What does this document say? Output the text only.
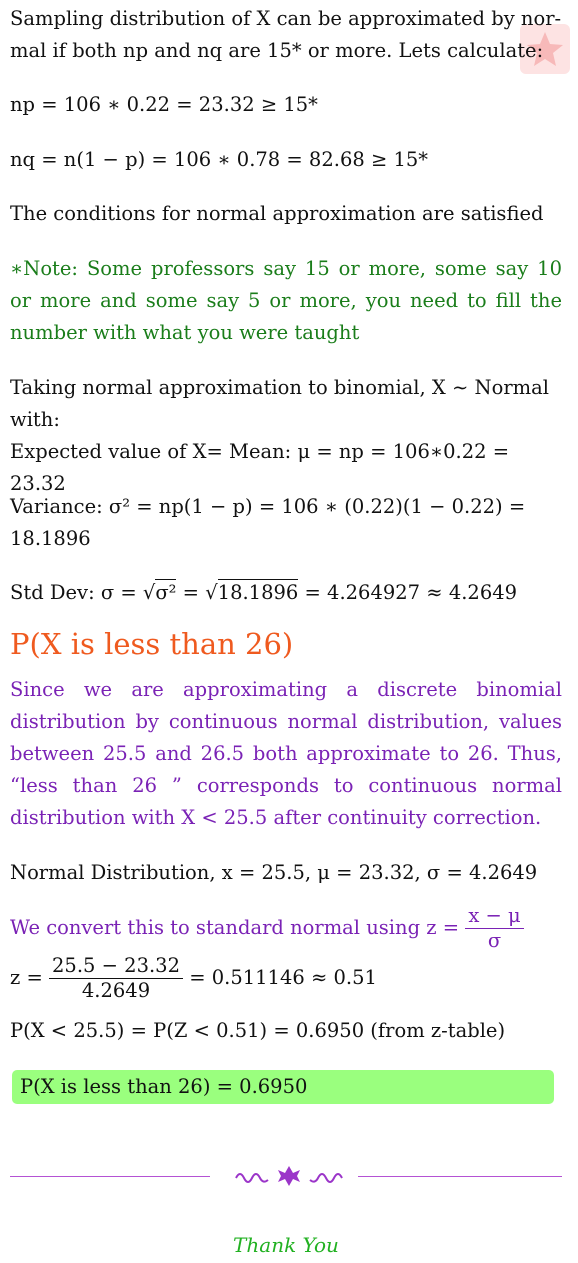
Sampling distribution of X can be approximated by nor-

mal if both np and nq are 15* or more. Lets calculate:

np = 106 ∗ 0.22 = 23.32 ≥ 15*

nq = n(1 − p) = 106 ∗ 0.78 = 82.68 ≥ 15*

The conditions for normal approximation are satisfied

∗Note: Some professors say 15 or more, some say 10 or more and some say 5 or more, you need to fill the number with what you were taught

Taking normal approximation to binomial, X ∼ Normal

with:

Expected value of X= Mean: μ = np = 106∗0.22 = 23.32

Variance: σ² = np(1 − p) = 106 ∗ (0.22)(1 − 0.22) =

18.1896

Std Dev: σ = √σ² = √18.1896 = 4.264927 ≈ 4.2649

P(X is less than 26)

Since we are approximating a discrete binomial distribution by continuous normal distribution, values between 25.5 and 26.5 both approximate to 26. Thus, “less than 26 ” corresponds to continuous normal distribution with X < 25.5 after continuity correction.

Normal Distribution, x = 25.5, μ = 23.32, σ = 4.2649

We convert this to standard normal using $z = \frac{x - \mu}{\sigma}$

$z = \frac{25.5 - 23.32}{4.2649} = 0.511146 \approx 0.51$

P(X < 25.5) = P(Z < 0.51) = 0.6950 (from z-table)

P(X is less than 26) = 0.6950

Thank You
